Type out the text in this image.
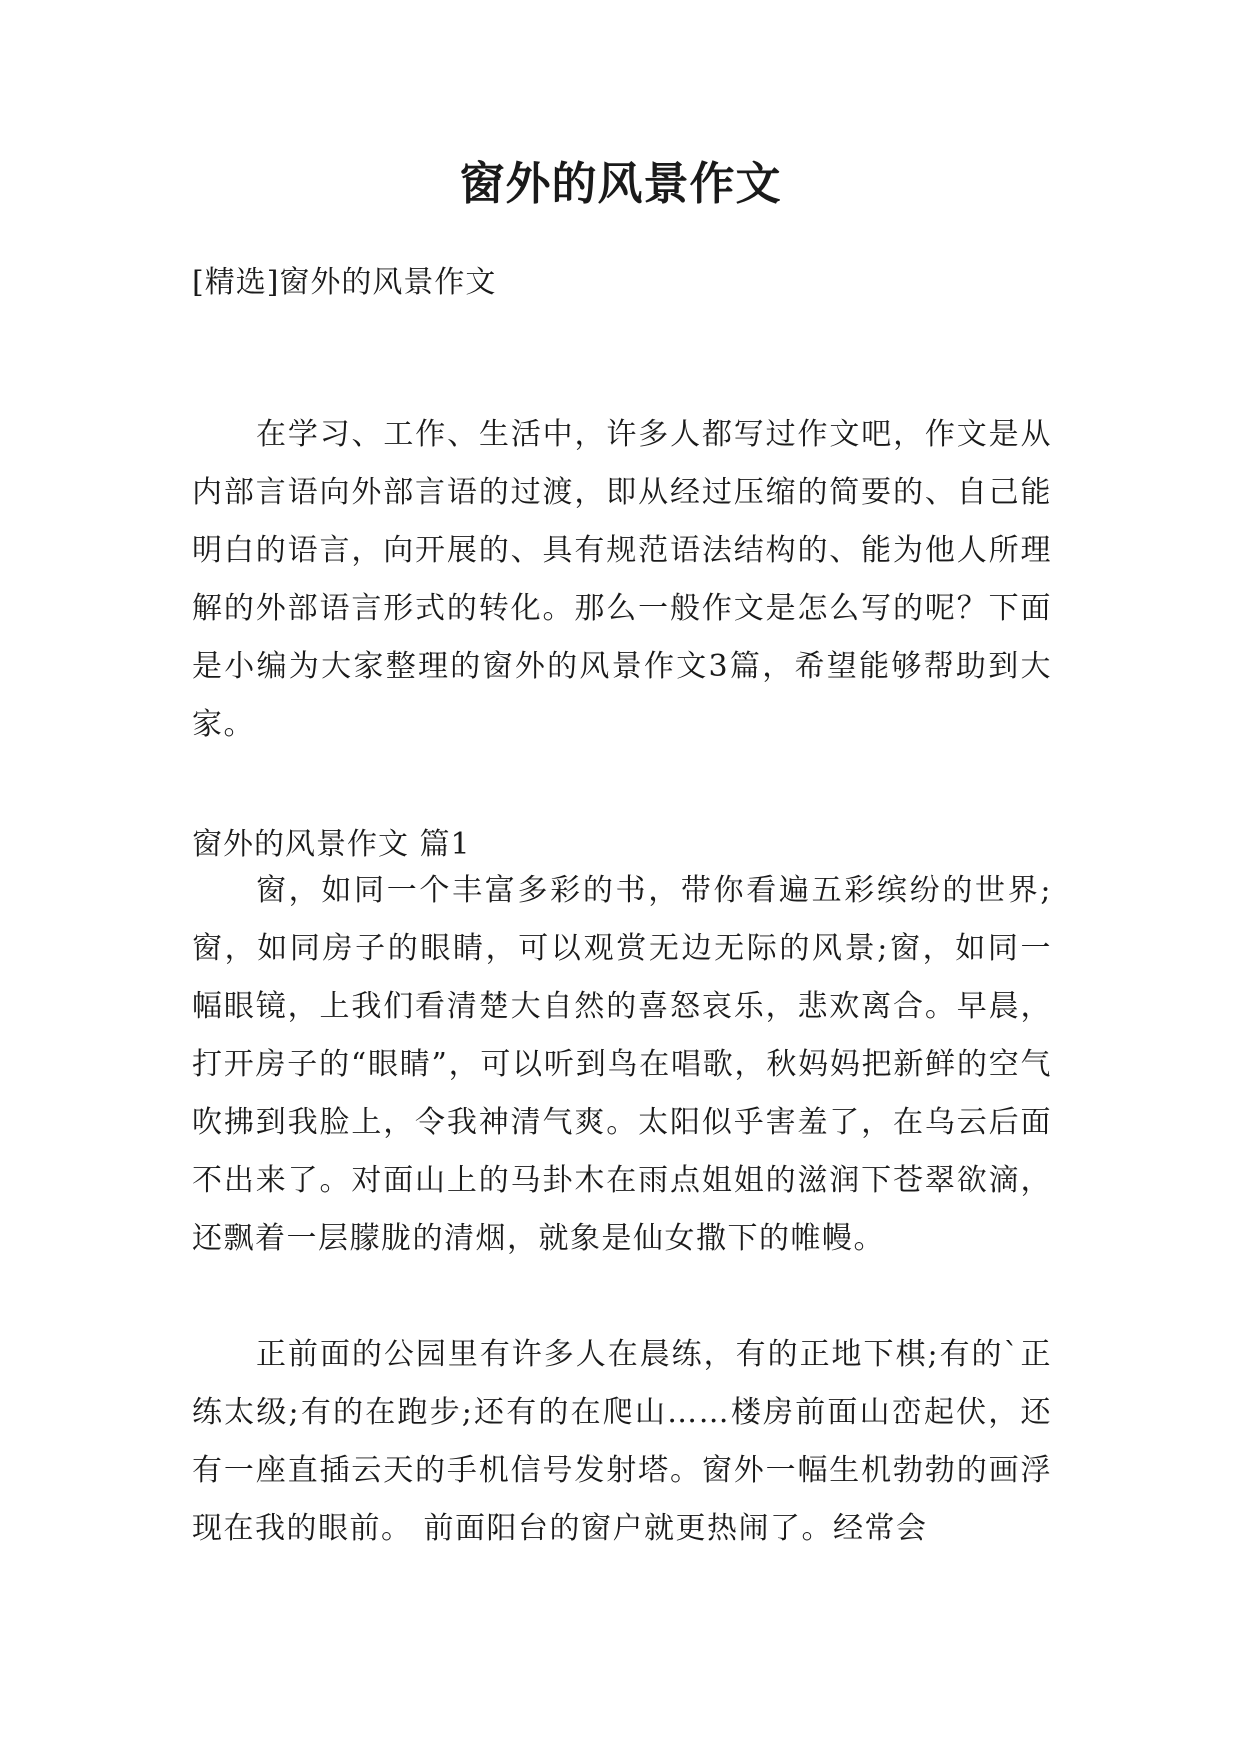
窗外的风景作文

[精选]窗外的风景作文

在学习、工作、生活中，许多人都写过作文吧，作文是从内部言语向外部言语的过渡，即从经过压缩的简要的、自己能明白的语言，向开展的、具有规范语法结构的、能为他人所理解的外部语言形式的转化。那么一般作文是怎么写的呢？下面是小编为大家整理的窗外的风景作文3篇，希望能够帮助到大家。

窗外的风景作文 篇1

窗，如同一个丰富多彩的书，带你看遍五彩缤纷的世界;窗，如同房子的眼睛，可以观赏无边无际的风景;窗，如同一幅眼镜，上我们看清楚大自然的喜怒哀乐，悲欢离合。早晨，打开房子的“眼睛”，可以听到鸟在唱歌，秋妈妈把新鲜的空气吹拂到我脸上，令我神清气爽。太阳似乎害羞了，在乌云后面不出来了。对面山上的马卦木在雨点姐姐的滋润下苍翠欲滴，还飘着一层朦胧的清烟，就象是仙女撒下的帷幔。

正前面的公园里有许多人在晨练，有的正地下棋;有的`正练太级;有的在跑步;还有的在爬山……楼房前面山峦起伏，还有一座直插云天的手机信号发射塔。窗外一幅生机勃勃的画浮现在我的眼前。 前面阳台的窗户就更热闹了。经常会
